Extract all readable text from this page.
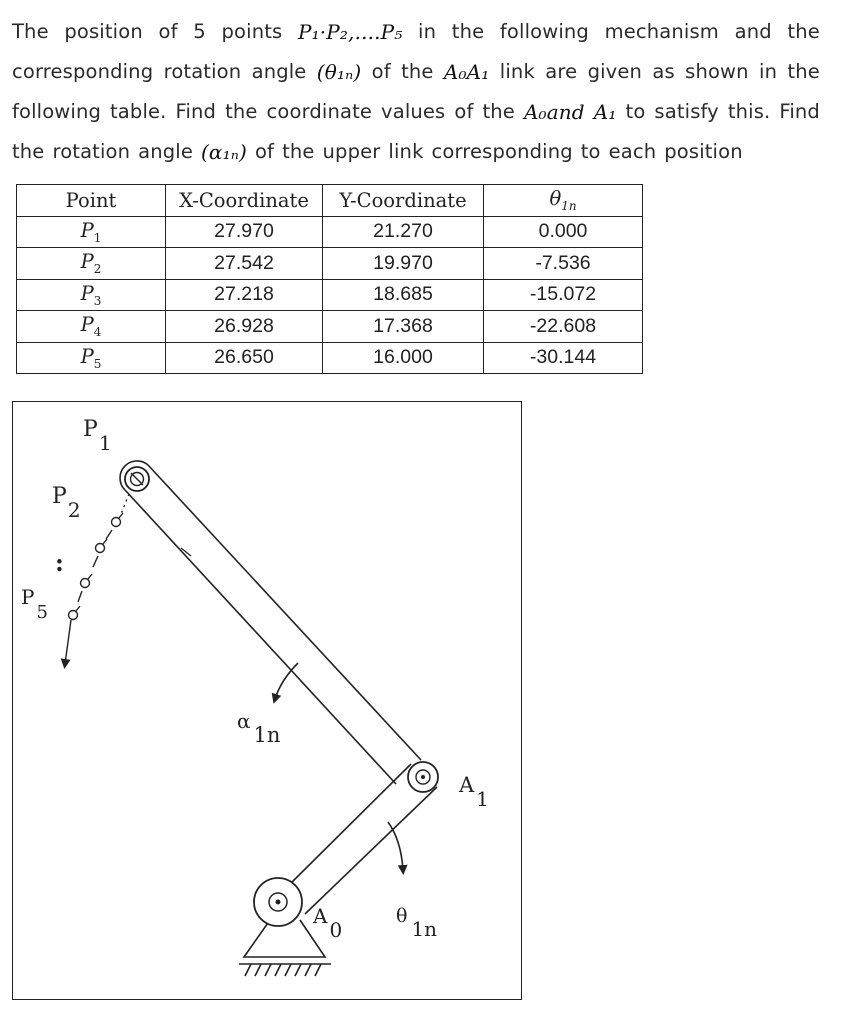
The position of 5 points P₁·P₂,....P₅ in the following mechanism and the
corresponding rotation angle (θ₁ₙ) of the A₀A₁ link are given as shown in the
following table. Find the coordinate values of the A₀and A₁ to satisfy this. Find
the rotation angle (α₁ₙ) of the upper link corresponding to each position
Point	X-Coordinate	Y-Coordinate	$\theta_{1n}$
$P_1$	27.970	21.270	0.000
$P_2$	27.542	19.970	-7.536
$P_3$	27.218	18.685	-15.072
$P_4$	26.928	17.368	-22.608
$P_5$	26.650	16.000	-30.144
P1
P2
:
P5
α1n
A1
A0
θ1n
